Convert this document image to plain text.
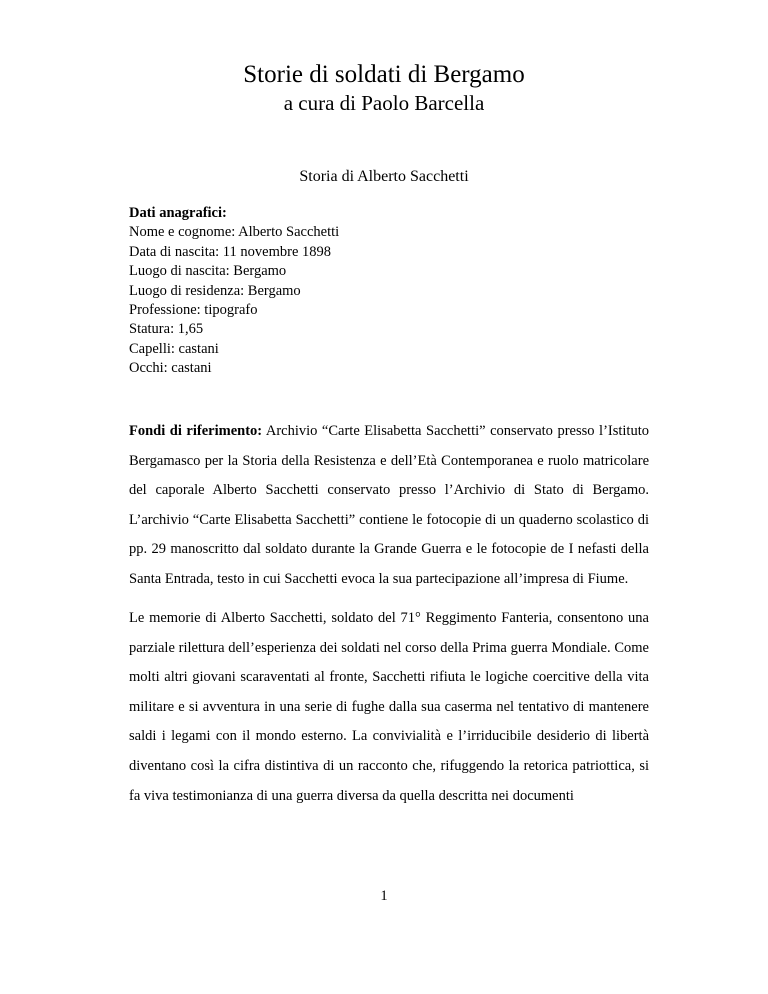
Storie di soldati di Bergamo
a cura di Paolo Barcella
Storia di Alberto Sacchetti
Dati anagrafici:
Nome e cognome: Alberto Sacchetti
Data di nascita: 11 novembre 1898
Luogo di nascita: Bergamo
Luogo di residenza: Bergamo
Professione: tipografo
Statura: 1,65
Capelli: castani
Occhi: castani
Fondi di riferimento: Archivio “Carte Elisabetta Sacchetti” conservato presso l’Istituto Bergamasco per la Storia della Resistenza e dell’Età Contemporanea e ruolo matricolare del caporale Alberto Sacchetti conservato presso l’Archivio di Stato di Bergamo. L’archivio “Carte Elisabetta Sacchetti” contiene le fotocopie di un quaderno scolastico di pp. 29 manoscritto dal soldato durante la Grande Guerra e le fotocopie de I nefasti della Santa Entrada, testo in cui Sacchetti evoca la sua partecipazione all’impresa di Fiume.
Le memorie di Alberto Sacchetti, soldato del 71° Reggimento Fanteria, consentono una parziale rilettura dell’esperienza dei soldati nel corso della Prima guerra Mondiale. Come molti altri giovani scaraventati al fronte, Sacchetti rifiuta le logiche coercitive della vita militare e si avventura in una serie di fughe dalla sua caserma nel tentativo di mantenere saldi i legami con il mondo esterno. La convivialità e l’irriducibile desiderio di libertà diventano così la cifra distintiva di un racconto che, rifuggendo la retorica patriottica, si fa viva testimonianza di una guerra diversa da quella descritta nei documenti
1
